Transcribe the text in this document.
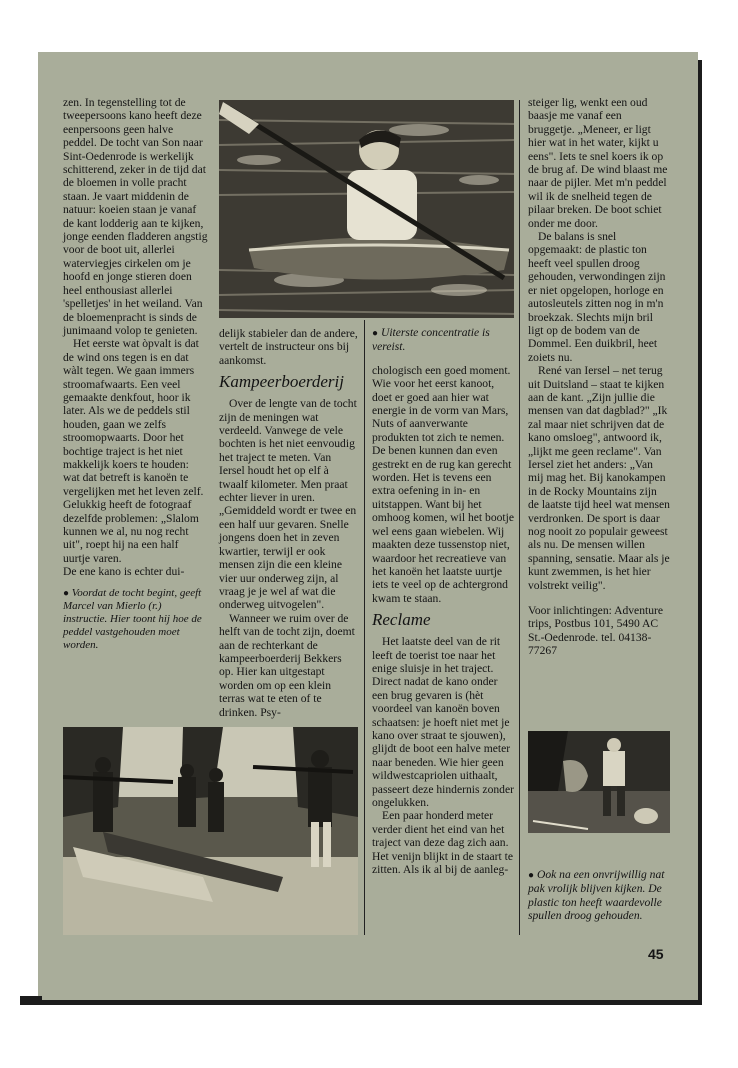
zen. In tegenstelling tot de tweepersoons kano heeft deze eenpersoons geen halve peddel. De tocht van Son naar Sint-Oedenrode is werkelijk schitterend, zeker in de tijd dat de bloemen in volle pracht staan. Je vaart middenin de natuur: koeien staan je vanaf de kant lodderig aan te kijken, jonge eenden fladderen angstig voor de boot uit, allerlei waterviegjes cirkelen om je hoofd en jonge stieren doen heel enthousiast allerlei 'spelletjes' in het weiland. Van de bloemenpracht is sinds de junimaand volop te genieten.

Het eerste wat òpvalt is dat de wind ons tegen is en dat wàlt tegen. We gaan immers stroomafwaarts. Een veel gemaakte denkfout, hoor ik later. Als we de peddels stil houden, gaan we zelfs stroomopwaarts. Door het bochtige traject is het niet makkelijk koers te houden: wat dat betreft is kanoën te vergelijken met het leven zelf. Gelukkig heeft de fotograaf dezelfde problemen: „Slalom kunnen we al, nu nog recht uit", roept hij na een half uurtje varen.

De ene kano is echter dui-

● Voordat de tocht begint, geeft Marcel van Mierlo (r.) instructie. Hier toont hij hoe de peddel vastgehouden moet worden.

delijk stabieler dan de andere, vertelt de instructeur ons bij aankomst.

Kampeerboerderij

Over de lengte van de tocht zijn de meningen wat verdeeld. Vanwege de vele bochten is het niet eenvoudig het traject te meten. Van Iersel houdt het op elf à twaalf kilometer. Men praat echter liever in uren. „Gemiddeld wordt er twee en een half uur gevaren. Snelle jongens doen het in zeven kwartier, terwijl er ook mensen zijn die een kleine vier uur onderweg zijn, al vraag je je wel af wat die onderweg uitvogelen".

Wanneer we ruim over de helft van de tocht zijn, doemt aan de rechterkant de kampeerboerderij Bekkers op. Hier kan uitgestapt worden om op een klein terras wat te eten of te drinken. Psy-

● Uiterste concentratie is vereist.

chologisch een goed moment. Wie voor het eerst kanoot, doet er goed aan hier wat energie in de vorm van Mars, Nuts of aanverwante produkten tot zich te nemen. De benen kunnen dan even gestrekt en de rug kan gerecht worden. Het is tevens een extra oefening in in- en uitstappen. Want bij het omhoog komen, wil het bootje wel eens gaan wiebelen. Wij maakten deze tussenstop niet, waardoor het recreatieve van het kanoën het laatste uurtje iets te veel op de achtergrond kwam te staan.

Reclame

Het laatste deel van de rit leeft de toerist toe naar het enige sluisje in het traject. Direct nadat de kano onder een brug gevaren is (hèt voordeel van kanoën boven schaatsen: je hoeft niet met je kano over straat te sjouwen), glijdt de boot een halve meter naar beneden. Wie hier geen wildwestcapriolen uithaalt, passeert deze hindernis zonder ongelukken.

Een paar honderd meter verder dient het eind van het traject van deze dag zich aan. Het venijn blijkt in de staart te zitten. Als ik al bij de aanleg-

steiger lig, wenkt een oud baasje me vanaf een bruggetje. „Meneer, er ligt hier wat in het water, kijkt u eens". Iets te snel koers ik op de brug af. De wind blaast me naar de pijler. Met m'n peddel wil ik de snelheid tegen de pilaar breken. De boot schiet onder me door.

De balans is snel opgemaakt: de plastic ton heeft veel spullen droog gehouden, verwondingen zijn er niet opgelopen, horloge en autosleutels zitten nog in m'n broekzak. Slechts mijn bril ligt op de bodem van de Dommel. Een duikbril, heet zoiets nu.

René van Iersel – net terug uit Duitsland – staat te kijken aan de kant. „Zijn jullie die mensen van dat dagblad?" „Ik zal maar niet schrijven dat de kano omsloeg", antwoord ik, „lijkt me geen reclame". Van Iersel ziet het anders: „Van mij mag het. Bij kanokampen in de Rocky Mountains zijn de laatste tijd heel wat mensen verdronken. De sport is daar nog nooit zo populair geweest als nu. De mensen willen spanning, sensatie. Maar als je kunt zwemmen, is het hier volstrekt veilig".

Voor inlichtingen: Adventure trips, Postbus 101, 5490 AC St.-Oedenrode. tel. 04138-77267

● Ook na een onvrijwillig nat pak vrolijk blijven kijken. De plastic ton heeft waardevolle spullen droog gehouden.

45
